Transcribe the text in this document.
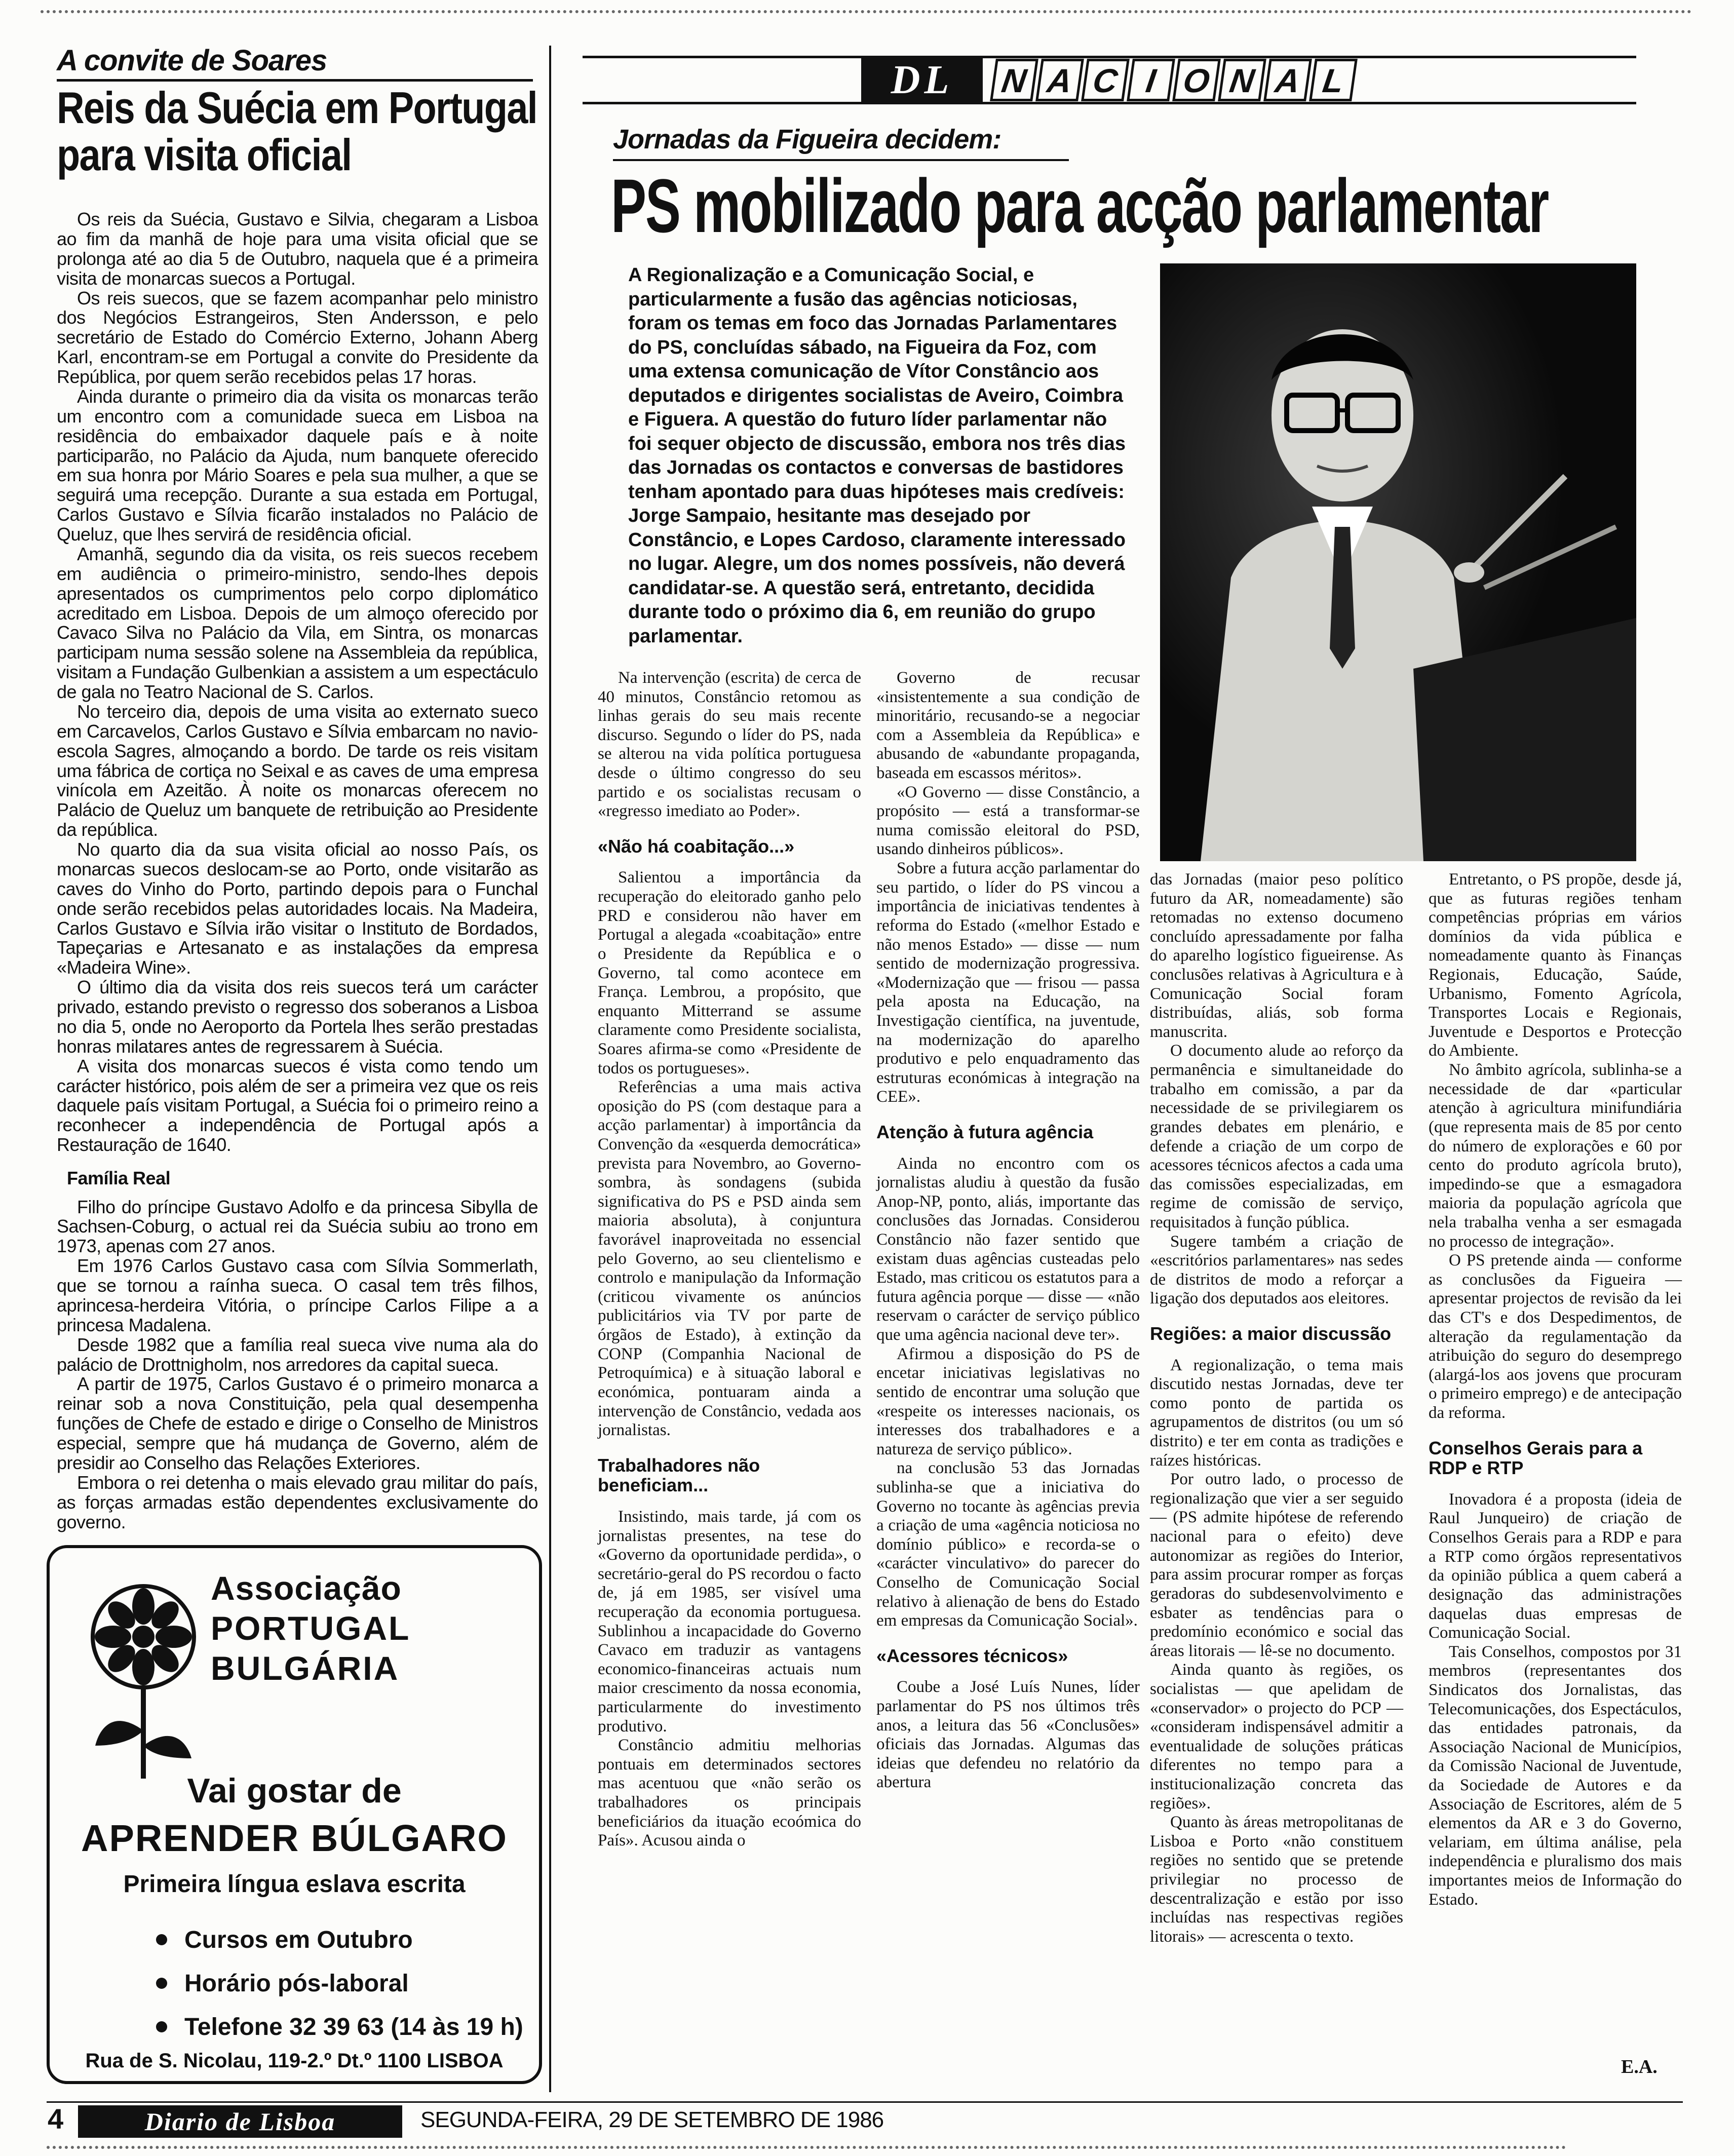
A convite de Soares
Reis da Suécia em Portugal
para visita oficial

Os reis da Suécia, Gustavo e Silvia, chegaram a Lisboa ao fim da manhã de hoje para uma visita oficial que se prolonga até ao dia 5 de Outubro, naquela que é a primeira visita de monarcas suecos a Portugal.

Os reis suecos, que se fazem acompanhar pelo ministro dos Negócios Estrangeiros, Sten Andersson, e pelo secretário de Estado do Comércio Externo, Johann Aberg Karl, encontram-se em Portugal a convite do Presidente da República, por quem serão recebidos pelas 17 horas.

Ainda durante o primeiro dia da visita os monarcas terão um encontro com a comunidade sueca em Lisboa na residência do embaixador daquele país e à noite participarão, no Palácio da Ajuda, num banquete oferecido em sua honra por Mário Soares e pela sua mulher, a que se seguirá uma recepção. Durante a sua estada em Portugal, Carlos Gustavo e Sílvia ficarão instalados no Palácio de Queluz, que lhes servirá de residência oficial.

Amanhã, segundo dia da visita, os reis suecos recebem em audiência o primeiro-ministro, sendo-lhes depois apresentados os cumprimentos pelo corpo diplomático acreditado em Lisboa. Depois de um almoço oferecido por Cavaco Silva no Palácio da Vila, em Sintra, os monarcas participam numa sessão solene na Assembleia da república, visitam a Fundação Gulbenkian a assistem a um espectáculo de gala no Teatro Nacional de S. Carlos.

No terceiro dia, depois de uma visita ao externato sueco em Carcavelos, Carlos Gustavo e Sílvia embarcam no navio-escola Sagres, almoçando a bordo. De tarde os reis visitam uma fábrica de cortiça no Seixal e as caves de uma empresa vinícola em Azeitão. À noite os monarcas oferecem no Palácio de Queluz um banquete de retribuição ao Presidente da república.

No quarto dia da sua visita oficial ao nosso País, os monarcas suecos deslocam-se ao Porto, onde visitarão as caves do Vinho do Porto, partindo depois para o Funchal onde serão recebidos pelas autoridades locais. Na Madeira, Carlos Gustavo e Sílvia irão visitar o Instituto de Bordados, Tapeçarias e Artesanato e as instalações da empresa «Madeira Wine».

O último dia da visita dos reis suecos terá um carácter privado, estando previsto o regresso dos soberanos a Lisboa no dia 5, onde no Aeroporto da Portela lhes serão prestadas honras milatares antes de regressarem à Suécia.

A visita dos monarcas suecos é vista como tendo um carácter histórico, pois além de ser a primeira vez que os reis daquele país visitam Portugal, a Suécia foi o primeiro reino a reconhecer a independência de Portugal após a Restauração de 1640.

Família Real

Filho do príncipe Gustavo Adolfo e da princesa Sibylla de Sachsen-Coburg, o actual rei da Suécia subiu ao trono em 1973, apenas com 27 anos.

Em 1976 Carlos Gustavo casa com Sílvia Sommerlath, que se tornou a raínha sueca. O casal tem três filhos, aprincesa-herdeira Vitória, o príncipe Carlos Filipe a a princesa Madalena.

Desde 1982 que a família real sueca vive numa ala do palácio de Drottnigholm, nos arredores da capital sueca.

A partir de 1975, Carlos Gustavo é o primeiro monarca a reinar sob a nova Constituição, pela qual desempenha funções de Chefe de estado e dirige o Conselho de Ministros especial, sempre que há mudança de Governo, além de presidir ao Conselho das Relações Exteriores.

Embora o rei detenha o mais elevado grau militar do país, as forças armadas estão dependentes exclusivamente do governo.

Associação
PORTUGAL
BULGÁRIA
Vai gostar de
APRENDER BÚLGARO
Primeira língua eslava escrita
Cursos em Outubro
Horário pós-laboral
Telefone 32 39 63 (14 às 19 h)
Rua de S. Nicolau, 119-2.º Dt.º 1100 LISBOA
DL	N A C I O N A L
Jornadas da Figueira decidem:
PS mobilizado para acção parlamentar
A Regionalização e a Comunicação Social, e particularmente a fusão das agências noticiosas, foram os temas em foco das Jornadas Parlamentares do PS, concluídas sábado, na Figueira da Foz, com uma extensa comunicação de Vítor Constâncio aos deputados e dirigentes socialistas de Aveiro, Coimbra e Figuera. A questão do futuro líder parlamentar não foi sequer objecto de discussão, embora nos três dias das Jornadas os contactos e conversas de bastidores tenham apontado para duas hipóteses mais credíveis: Jorge Sampaio, hesitante mas desejado por Constâncio, e Lopes Cardoso, claramente interessado no lugar. Alegre, um dos nomes possíveis, não deverá candidatar-se. A questão será, entretanto, decidida durante todo o próximo dia 6, em reunião do grupo parlamentar.

Na intervenção (escrita) de cerca de 40 minutos, Constâncio retomou as linhas gerais do seu mais recente discurso. Segundo o líder do PS, nada se alterou na vida política portuguesa desde o último congresso do seu partido e os socialistas recusam o «regresso imediato ao Poder».

«Não há coabitação...»

Salientou a importância da recuperação do eleitorado ganho pelo PRD e considerou não haver em Portugal a alegada «coabitação» entre o Presidente da República e o Governo, tal como acontece em França. Lembrou, a propósito, que enquanto Mitterrand se assume claramente como Presidente socialista, Soares afirma-se como «Presidente de todos os portugueses».

Referências a uma mais activa oposição do PS (com destaque para a acção parlamentar) à importância da Convenção da «esquerda democrática» prevista para Novembro, ao Governo-sombra, às sondagens (subida significativa do PS e PSD ainda sem maioria absoluta), à conjuntura favorável inaproveitada no essencial pelo Governo, ao seu clientelismo e controlo e manipulação da Informação (criticou vivamente os anúncios publicitários via TV por parte de órgãos de Estado), à extinção da CONP (Companhia Nacional de Petroquímica) e à situação laboral e económica, pontuaram ainda a intervenção de Constâncio, vedada aos jornalistas.

Trabalhadores não beneficiam...

Insistindo, mais tarde, já com os jornalistas presentes, na tese do «Governo da oportunidade perdida», o secretário-geral do PS recordou o facto de, já em 1985, ser visível uma recuperação da economia portuguesa. Sublinhou a incapacidade do Governo Cavaco em traduzir as vantagens economico-financeiras actuais num maior crescimento da nossa economia, particularmente do investimento produtivo.

Constâncio admitiu melhorias pontuais em determinados sectores mas acentuou que «não serão os trabalhadores os principais beneficiários da ituação ecoómica do País». Acusou ainda o

Governo de recusar «insistentemente a sua condição de minoritário, recusando-se a negociar com a Assembleia da República» e abusando de «abundante propaganda, baseada em escassos méritos».

«O Governo — disse Constâncio, a propósito — está a transformar-se numa comissão eleitoral do PSD, usando dinheiros públicos».

Sobre a futura acção parlamentar do seu partido, o líder do PS vincou a importância de iniciativas tendentes à reforma do Estado («melhor Estado e não menos Estado» — disse — num sentido de modernização progressiva. «Modernização que — frisou — passa pela aposta na Educação, na Investigação científica, na juventude, na modernização do aparelho produtivo e pelo enquadramento das estruturas económicas à integração na CEE».

Atenção à futura agência

Ainda no encontro com os jornalistas aludiu à questão da fusão Anop-NP, ponto, aliás, importante das conclusões das Jornadas. Considerou Constâncio não fazer sentido que existam duas agências custeadas pelo Estado, mas criticou os estatutos para a futura agência porque — disse — «não reservam o carácter de serviço público que uma agência nacional deve ter».

Afirmou a disposição do PS de encetar iniciativas legislativas no sentido de encontrar uma solução que «respeite os interesses nacionais, os interesses dos trabalhadores e a natureza de serviço público».

na conclusão 53 das Jornadas sublinha-se que a iniciativa do Governo no tocante às agências previa a criação de uma «agência noticiosa no domínio público» e recorda-se o «carácter vinculativo» do parecer do Conselho de Comunicação Social relativo à alienação de bens do Estado em empresas da Comunicação Social».

«Acessores técnicos»

Coube a José Luís Nunes, líder parlamentar do PS nos últimos três anos, a leitura das 56 «Conclusões» oficiais das Jornadas. Algumas das ideias que defendeu no relatório da abertura

das Jornadas (maior peso político futuro da AR, nomeadamente) são retomadas no extenso documeno concluído apressadamente por falha do aparelho logístico figueirense. As conclusões relativas à Agricultura e à Comunicação Social foram distribuídas, aliás, sob forma manuscrita.

O documento alude ao reforço da permanência e simultaneidade do trabalho em comissão, a par da necessidade de se privilegiarem os grandes debates em plenário, e defende a criação de um corpo de acessores técnicos afectos a cada uma das comissões especializadas, em regime de comissão de serviço, requisitados à função pública.

Sugere também a criação de «escritórios parlamentares» nas sedes de distritos de modo a reforçar a ligação dos deputados aos eleitores.

Regiões: a maior discussão

A regionalização, o tema mais discutido nestas Jornadas, deve ter como ponto de partida os agrupamentos de distritos (ou um só distrito) e ter em conta as tradições e raízes históricas.

Por outro lado, o processo de regionalização que vier a ser seguido — (PS admite hipótese de referendo nacional para o efeito) deve autonomizar as regiões do Interior, para assim procurar romper as forças geradoras do subdesenvolvimento e esbater as tendências para o predomínio económico e social das áreas litorais — lê-se no documento.

Ainda quanto às regiões, os socialistas — que apelidam de «conservador» o projecto do PCP — «consideram indispensável admitir a eventualidade de soluções práticas diferentes no tempo para a institucionalização concreta das regiões».

Quanto às áreas metropolitanas de Lisboa e Porto «não constituem regiões no sentido que se pretende privilegiar no processo de descentralização e estão por isso incluídas nas respectivas regiões litorais» — acrescenta o texto.

Entretanto, o PS propõe, desde já, que as futuras regiões tenham competências próprias em vários domínios da vida pública e nomeadamente quanto às Finanças Regionais, Educação, Saúde, Urbanismo, Fomento Agrícola, Transportes Locais e Regionais, Juventude e Desportos e Protecção do Ambiente.

No âmbito agrícola, sublinha-se a necessidade de dar «particular atenção à agricultura minifundiária (que representa mais de 85 por cento do número de explorações e 60 por cento do produto agrícola bruto), impedindo-se que a esmagadora maioria da população agrícola que nela trabalha venha a ser esmagada no processo de integração».

O PS pretende ainda — conforme as conclusões da Figueira — apresentar projectos de revisão da lei das CT's e dos Despedimentos, de alteração da regulamentação da atribuição do seguro do desemprego (alargá-los aos jovens que procuram o primeiro emprego) e de antecipação da reforma.

Conselhos Gerais para a RDP e RTP

Inovadora é a proposta (ideia de Raul Junqueiro) de criação de Conselhos Gerais para a RDP e para a RTP como órgãos representativos da opinião pública a quem caberá a designação das administrações daquelas duas empresas de Comunicação Social.

Tais Conselhos, compostos por 31 membros (representantes dos Sindicatos dos Jornalistas, das Telecomunicações, dos Espectáculos, das entidades patronais, da Associação Nacional de Municípios, da Comissão Nacional de Juventude, da Sociedade de Autores e da Associação de Escritores, além de 5 elementos da AR e 3 do Governo, velariam, em última análise, pela independência e pluralismo dos mais importantes meios de Informação do Estado.

E.A.
4	Diario de Lisboa	SEGUNDA-FEIRA, 29 DE SETEMBRO DE 1986
